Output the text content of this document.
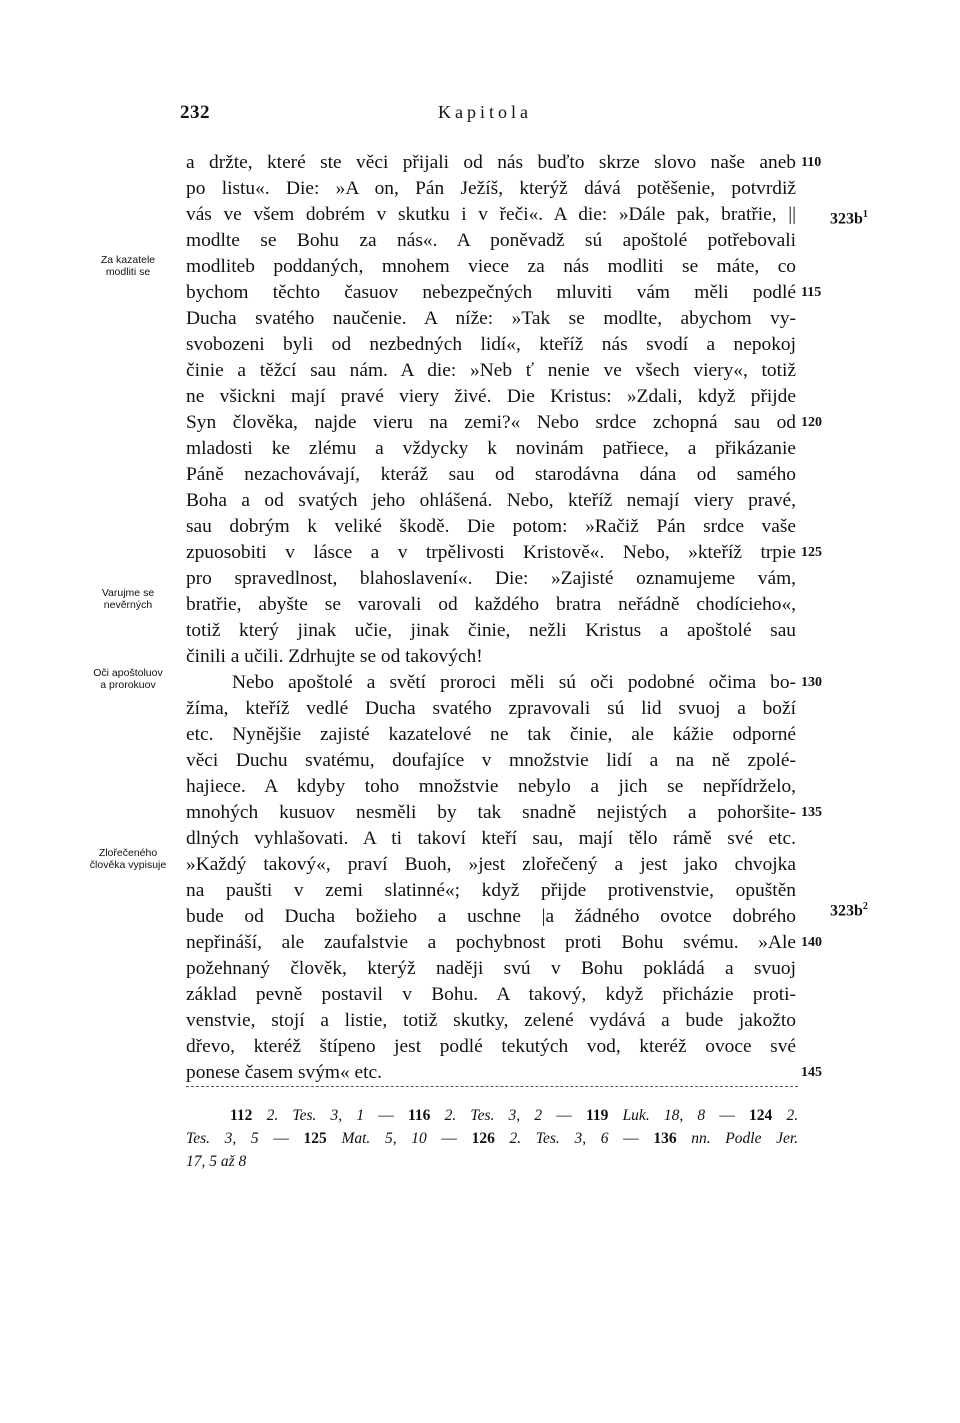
232	Kapitola
Za kazatele
modliti se
Varujme se
nevěrných
Oči apoštoluov
a prorokuov
Zlořečeného
člověka vypisuje
a držte, které ste věci přijali od nás buďto skrze slovo naše aneb
po listu«. Die: »A on, Pán Ježíš, kterýž dává potěšenie, potvrdiž
vás ve všem dobrém v skutku i v řeči«. A die: »Dále pak, bratřie, ||
modlte se Bohu za nás«. A poněvadž sú apoštolé potřebovali
modliteb poddaných, mnohem viece za nás modliti se máte, co
bychom těchto časuov nebezpečných mluviti vám měli podlé
Ducha svatého naučenie. A níže: »Tak se modlte, abychom vy-
svobozeni byli od nezbedných lidí«, kteříž nás svodí a nepokoj
činie a těžcí sau nám. A die: »Neb ť nenie ve všech viery«, totiž
ne všickni mají pravé viery živé. Die Kristus: »Zdali, když přijde
Syn člověka, najde vieru na zemi?« Nebo srdce zchopná sau od
mladosti ke zlému a vždycky k novinám patřiece, a přikázanie
Páně nezachovávají, kteráž sau od starodávna dána od samého
Boha a od svatých jeho ohlášená. Nebo, kteříž nemají viery pravé,
sau dobrým k veliké škodě. Die potom: »Račiž Pán srdce vaše
zpuosobiti v lásce a v trpělivosti Kristově«. Nebo, »kteříž trpie
pro spravedlnost, blahoslavení«. Die: »Zajisté oznamujeme vám,
bratřie, abyšte se varovali od každého bratra neřádně chodícieho«,
totiž který jinak učie, jinak činie, nežli Kristus a apoštolé sau
činili a učili. Zdrhujte se od takových!
Nebo apoštolé a světí proroci měli sú oči podobné očima bo-
žíma, kteříž vedlé Ducha svatého zpravovali sú lid svuoj a boží
etc. Nynějšie zajisté kazatelové ne tak činie, ale kážie odporné
věci Duchu svatému, doufajíce v množstvie lidí a na ně zpolé-
hajiece. A kdyby toho množstvie nebylo a jich se nepřídrželo,
mnohých kusuov nesměli by tak snadně nejistých a pohoršite-
dlných vyhlašovati. A ti takoví kteří sau, mají tělo rámě své etc.
»Každý takový«, praví Buoh, »jest zlořečený a jest jako chvojka
na paušti v zemi slatinné«; když přijde protivenstvie, opuštěn
bude od Ducha božieho a uschne |a žádného ovotce dobrého
nepřináší, ale zaufalstvie a pochybnost proti Bohu svému. »Ale
požehnaný člověk, kterýž naději svú v Bohu pokládá a svuoj
základ pevně postavil v Bohu. A takový, když přicházie proti-
venstvie, stojí a listie, totiž skutky, zelené vydává a bude jakožto
dřevo, kteréž štípeno jest podlé tekutých vod, kteréž ovoce své
ponese časem svým« etc.
110
115
120
125
130
135
140
145
$323b^1$
$323b^2$
112 2. Tes. 3, 1 — 116 2. Tes. 3, 2 — 119 Luk. 18, 8 — 124 2.
Tes. 3, 5 — 125 Mat. 5, 10 — 126 2. Tes. 3, 6 — 136 nn. Podle Jer.
17, 5 až 8
